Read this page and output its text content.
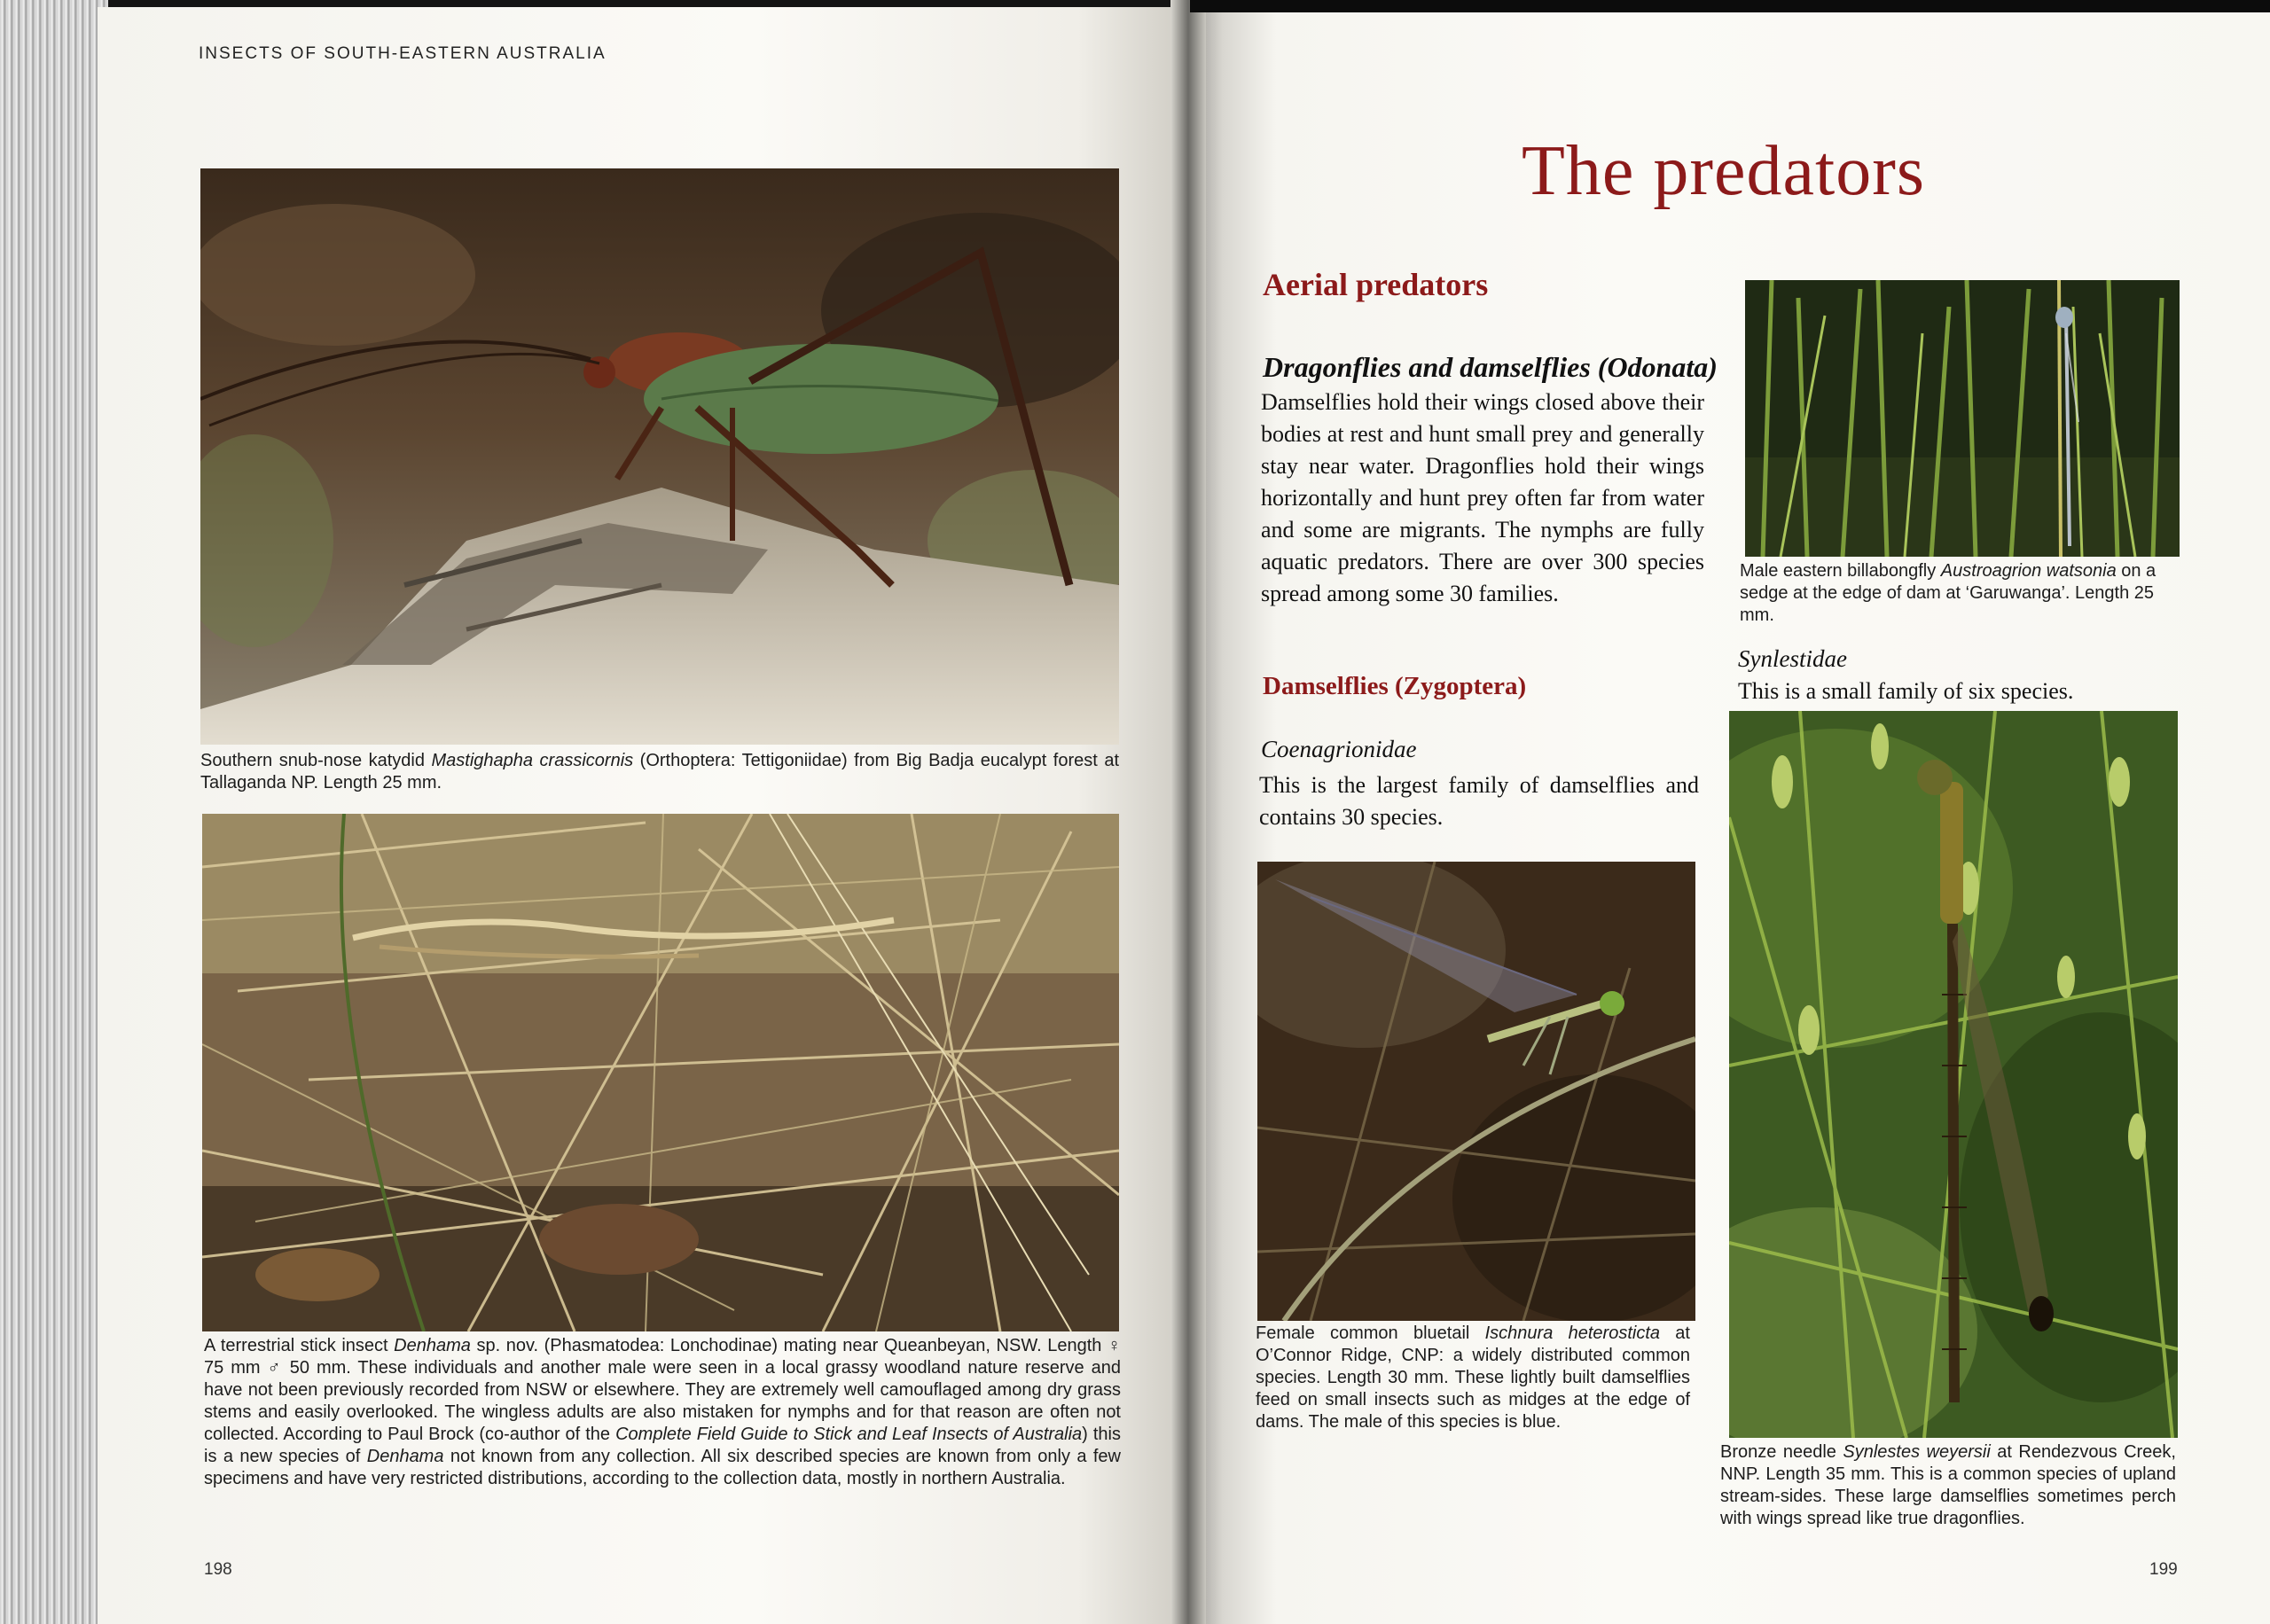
INSECTS OF SOUTH-EASTERN AUSTRALIA
Southern snub-nose katydid Mastighapha crassicornis (Orthoptera: Tettigoniidae) from Big Badja eucalypt forest at Tallaganda NP. Length 25 mm.
A terrestrial stick insect Denhama sp. nov. (Phasmatodea: Lonchodinae) mating near Queanbeyan, NSW. Length ♀ 75 mm ♂ 50 mm. These individuals and another male were seen in a local grassy woodland nature reserve and have not been previously recorded from NSW or elsewhere. They are extremely well camouflaged among dry grass stems and easily overlooked. The wingless adults are also mistaken for nymphs and for that reason are often not collected. According to Paul Brock (co-author of the Complete Field Guide to Stick and Leaf Insects of Australia) this is a new species of Denhama not known from any collection. All six described species are known from only a few specimens and have very restricted distributions, according to the collection data, mostly in northern Australia.
198
The predators
Aerial predators
Dragonflies and damselflies (Odonata)
Damselflies hold their wings closed above their bodies at rest and hunt small prey and generally stay near water. Dragonflies hold their wings horizontally and hunt prey often far from water and some are migrants. The nymphs are fully aquatic predators. There are over 300 species spread among some 30 families.
Damselflies (Zygoptera)
Coenagrionidae
This is the largest family of damselflies and contains 30 species.
Male eastern billabongfly Austroagrion watsonia on a sedge at the edge of dam at ‘Garuwanga’. Length 25 mm.
Synlestidae
This is a small family of six species.
Female common bluetail Ischnura heterosticta at O’Connor Ridge, CNP: a widely distributed common species. Length 30 mm. These lightly built damselflies feed on small insects such as midges at the edge of dams. The male of this species is blue.
Bronze needle Synlestes weyersii at Rendezvous Creek, NNP. Length 35 mm. This is a common species of upland stream-sides. These large damselflies sometimes perch with wings spread like true dragonflies.
199
